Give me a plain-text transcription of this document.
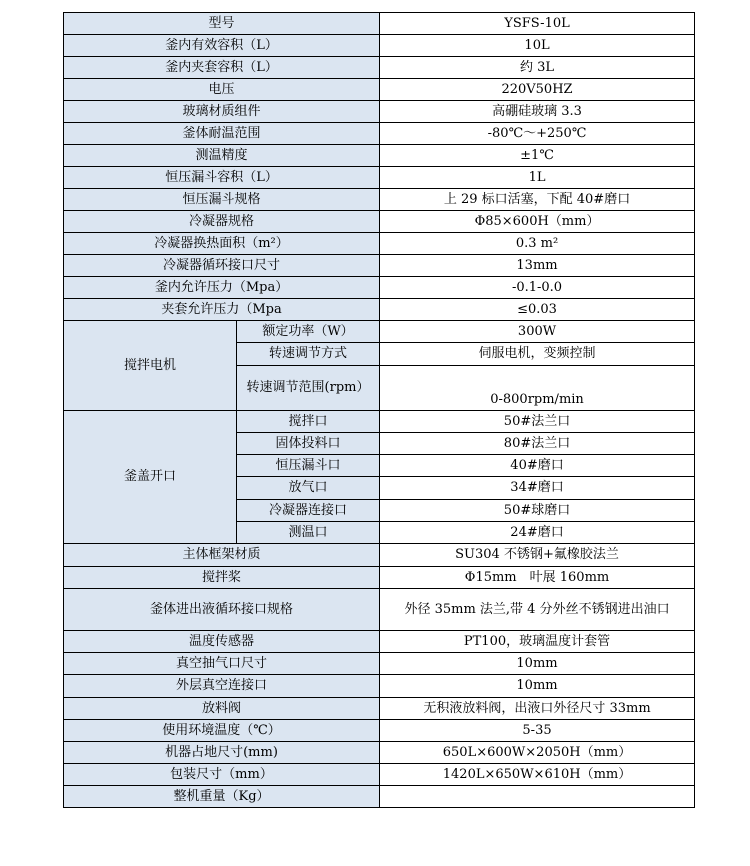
型号		YSFS-10L
釜内有效容积（L）		10L
釜内夹套容积（L）		约 3L
电压		220V50HZ
玻璃材质组件		高硼硅玻璃 3.3
釜体耐温范围		-80℃～+250℃
测温精度		±1℃
恒压漏斗容积（L）		1L
恒压漏斗规格		上 29 标口活塞，下配 40#磨口
冷凝器规格		Φ85×600H（mm）
冷凝器换热面积（m²）		0.3 m²
冷凝器循环接口尺寸		13mm
釜内允许压力（Mpa）		-0.1-0.0
夹套允许压力（Mpa		≤0.03
搅拌电机	额定功率（W）	300W
	转速调节方式	伺服电机，变频控制
	转速调节范围(rpm）	0-800rpm/min
釜盖开口	搅拌口	50#法兰口
	固体投料口	80#法兰口
	恒压漏斗口	40#磨口
	放气口	34#磨口
	冷凝器连接口	50#球磨口
	测温口	24#磨口
主体框架材质		SU304 不锈钢+氟橡胶法兰
搅拌桨		Φ15mm　叶展 160mm
釜体进出液循环接口规格		外径 35mm 法兰,带 4 分外丝不锈钢进出油口
温度传感器		PT100，玻璃温度计套管
真空抽气口尺寸		10mm
外层真空连接口		10mm
放料阀		无积液放料阀，出液口外径尺寸 33mm
使用环境温度（℃）		5-35
机器占地尺寸(mm)		650L×600W×2050H（mm）
包装尺寸（mm）		1420L×650W×610H（mm）
整机重量（Kg）		
